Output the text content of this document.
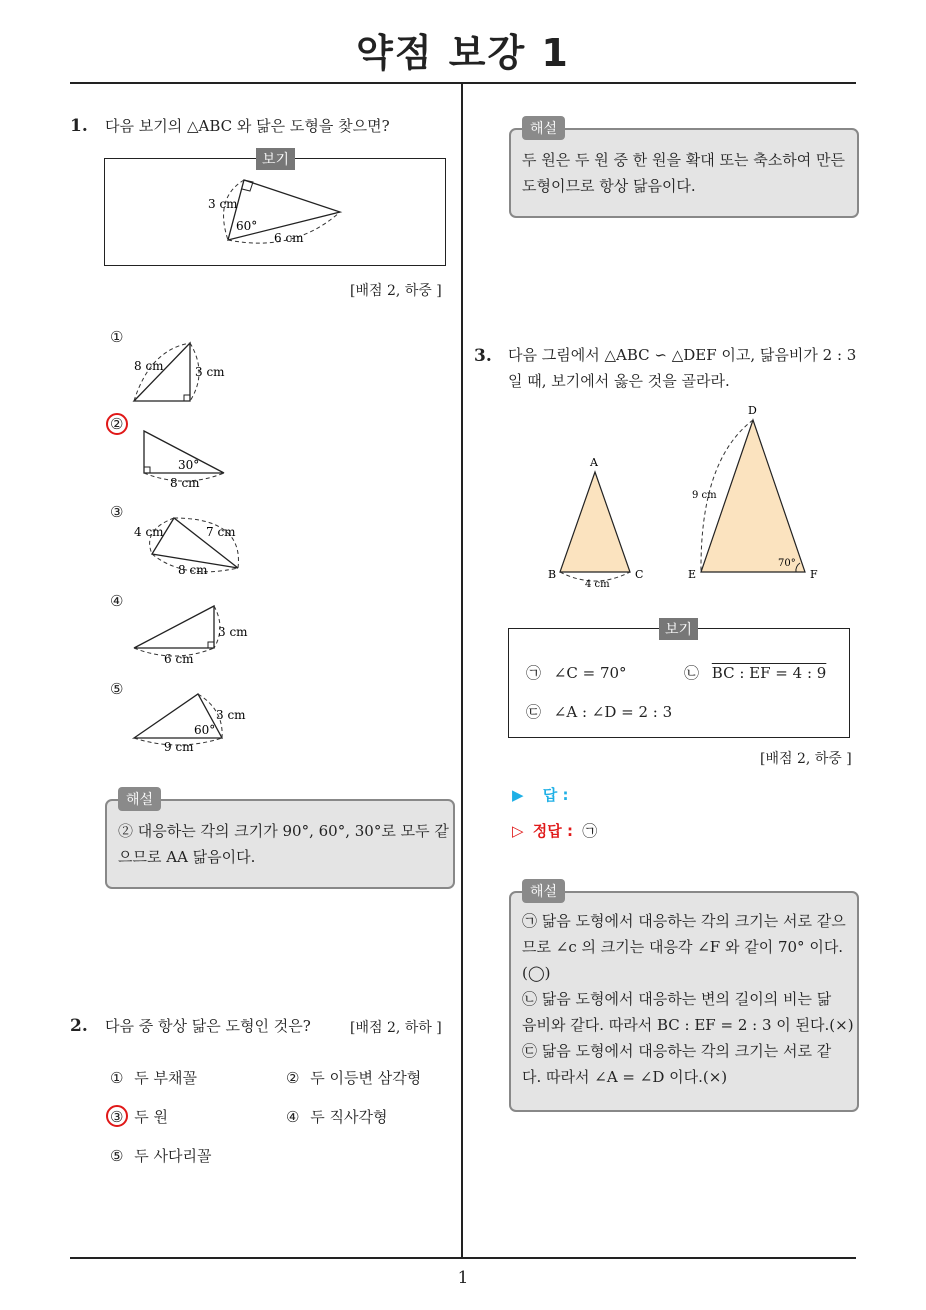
약점 보강 1
1
1. 다음 보기의 △ABC 와 닮은 도형을 찾으면?
보기
3 cm
60°
6 cm
[배점 2, 하중 ]
①
8 cm	3 cm
②
30°
8 cm
③
4 cm	7 cm
8 cm
④
3 cm
6 cm
⑤
3 cm
60°
9 cm
해설
② 대응하는 각의 크기가 90°, 60°, 30°로 모두 같
으므로 AA 닮음이다.
2. 다음 중 항상 닮은 도형인 것은?	[배점 2, 하하 ]
① 두 부채꼴	② 두 이등변 삼각형
③ 두 원	④ 두 직사각형
⑤ 두 사다리꼴
해설
두 원은 두 원 중 한 원을 확대 또는 축소하여 만든
도형이므로 항상 닮음이다.
3. 다음 그림에서 △ABC ∽ △DEF 이고, 닮음비가 2 : 3
일 때, 보기에서 옳은 것을 골라라.
A
B	C
4 cm
D
E	F
9 cm
70°
보기
㉠ ∠C = 70°	㉡ BC : EF = 4 : 9
㉢ ∠A : ∠D = 2 : 3
[배점 2, 하중 ]
▶ 답 :
▷ 정답 : ㉠
해설
㉠ 닮음 도형에서 대응하는 각의 크기는 서로 같으
므로 ∠c 의 크기는 대응각 ∠F 와 같이 70° 이다.
(◯)
㉡ 닮음 도형에서 대응하는 변의 길이의 비는 닮
음비와 같다. 따라서 BC : EF = 2 : 3 이 된다.(×)
㉢ 닮음 도형에서 대응하는 각의 크기는 서로 같
다. 따라서 ∠A = ∠D 이다.(×)
